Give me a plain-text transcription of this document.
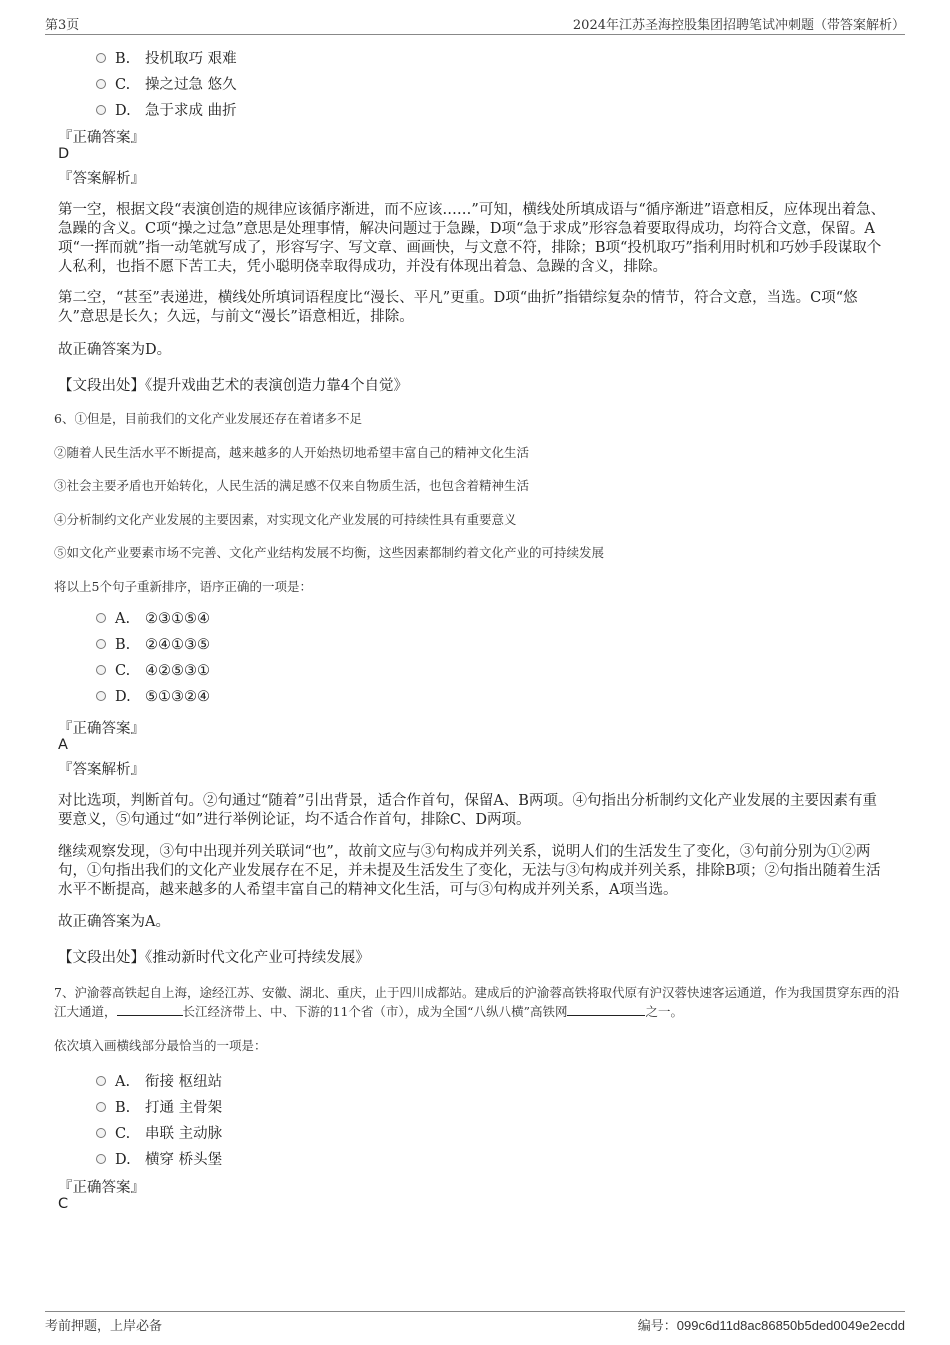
第3页	2024年江苏圣海控股集团招聘笔试冲刺题（带答案解析）
B. 投机取巧 艰难
C. 操之过急 悠久
D. 急于求成 曲折
『正确答案』
D
『答案解析』
第一空，根据文段“表演创造的规律应该循序渐进，而不应该……”可知，横线处所填成语与“循序渐进”语意相反，应体现出着急、急躁的含义。C项“操之过急”意思是处理事情，解决问题过于急躁，D项“急于求成”形容急着要取得成功，均符合文意，保留。A项“一挥而就”指一动笔就写成了，形容写字、写文章、画画快，与文意不符，排除；B项“投机取巧”指利用时机和巧妙手段谋取个人私利，也指不愿下苦工夫，凭小聪明侥幸取得成功，并没有体现出着急、急躁的含义，排除。
第二空，“甚至”表递进，横线处所填词语程度比“漫长、平凡”更重。D项“曲折”指错综复杂的情节，符合文意，当选。C项“悠久”意思是长久；久远，与前文“漫长”语意相近，排除。
故正确答案为D。
【文段出处】《提升戏曲艺术的表演创造力靠4个自觉》
6、①但是，目前我们的文化产业发展还存在着诸多不足
②随着人民生活水平不断提高，越来越多的人开始热切地希望丰富自己的精神文化生活
③社会主要矛盾也开始转化，人民生活的满足感不仅来自物质生活，也包含着精神生活
④分析制约文化产业发展的主要因素，对实现文化产业发展的可持续性具有重要意义
⑤如文化产业要素市场不完善、文化产业结构发展不均衡，这些因素都制约着文化产业的可持续发展
将以上5个句子重新排序，语序正确的一项是：
A. ②③①⑤④
B. ②④①③⑤
C. ④②⑤③①
D. ⑤①③②④
『正确答案』
A
『答案解析』
对比选项，判断首句。②句通过“随着”引出背景，适合作首句，保留A、B两项。④句指出分析制约文化产业发展的主要因素有重要意义，⑤句通过“如”进行举例论证，均不适合作首句，排除C、D两项。
继续观察发现，③句中出现并列关联词“也”，故前文应与③句构成并列关系，说明人们的生活发生了变化，③句前分别为①②两句，①句指出我们的文化产业发展存在不足，并未提及生活发生了变化，无法与③句构成并列关系，排除B项；②句指出随着生活水平不断提高，越来越多的人希望丰富自己的精神文化生活，可与③句构成并列关系，A项当选。
故正确答案为A。
【文段出处】《推动新时代文化产业可持续发展》
7、沪渝蓉高铁起自上海，途经江苏、安徽、湖北、重庆，止于四川成都站。建成后的沪渝蓉高铁将取代原有沪汉蓉快速客运通道，作为我国贯穿东西的沿江大通道，	长江经济带上、中、下游的11个省（市），成为全国“八纵八横”高铁网	之一。
依次填入画横线部分最恰当的一项是：
A. 衔接 枢纽站
B. 打通 主骨架
C. 串联 主动脉
D. 横穿 桥头堡
『正确答案』
C
考前押题，上岸必备	编号：099c6d11d8ac86850b5ded0049e2ecdd
